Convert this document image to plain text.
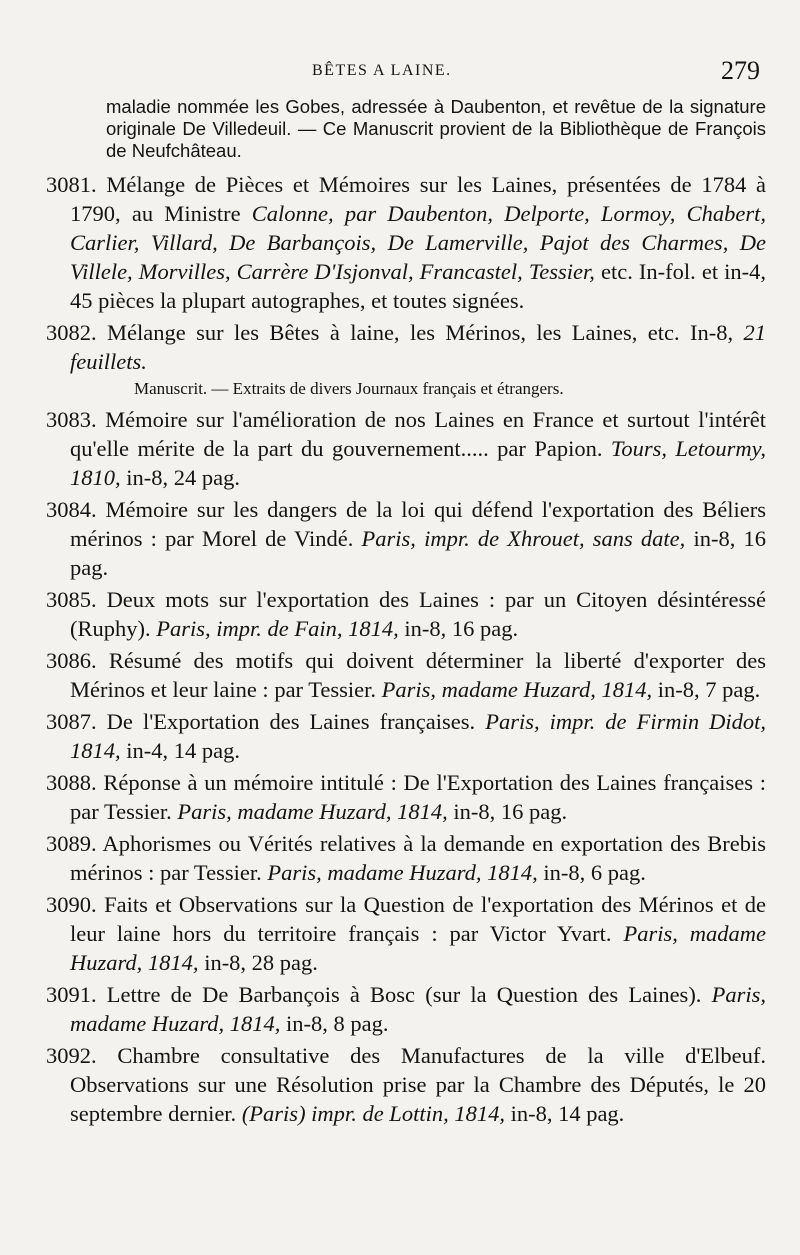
BÊTES A LAINE.	279
maladie nommée les Gobes, adressée à Daubenton, et revêtue de la signature originale De Villedeuil. — Ce Manuscrit provient de la Bibliothèque de François de Neufchâteau.
3081. Mélange de Pièces et Mémoires sur les Laines, présentées de 1784 à 1790, au Ministre Calonne, par Daubenton, Delporte, Lormoy, Chabert, Carlier, Villard, De Barbançois, De Lamerville, Pajot des Charmes, De Villele, Morvilles, Carrère D'Isjonval, Francastel, Tessier, etc. In-fol. et in-4, 45 pièces la plupart autographes, et toutes signées.
3082. Mélange sur les Bêtes à laine, les Mérinos, les Laines, etc. In-8, 21 feuillets.
Manuscrit. — Extraits de divers Journaux français et étrangers.
3083. Mémoire sur l'amélioration de nos Laines en France et surtout l'intérêt qu'elle mérite de la part du gouvernement..... par Papion. Tours, Letourmy, 1810, in-8, 24 pag.
3084. Mémoire sur les dangers de la loi qui défend l'exportation des Béliers mérinos : par Morel de Vindé. Paris, impr. de Xhrouet, sans date, in-8, 16 pag.
3085. Deux mots sur l'exportation des Laines : par un Citoyen désintéressé (Ruphy). Paris, impr. de Fain, 1814, in-8, 16 pag.
3086. Résumé des motifs qui doivent déterminer la liberté d'exporter des Mérinos et leur laine : par Tessier. Paris, madame Huzard, 1814, in-8, 7 pag.
3087. De l'Exportation des Laines françaises. Paris, impr. de Firmin Didot, 1814, in-4, 14 pag.
3088. Réponse à un mémoire intitulé : De l'Exportation des Laines françaises : par Tessier. Paris, madame Huzard, 1814, in-8, 16 pag.
3089. Aphorismes ou Vérités relatives à la demande en exportation des Brebis mérinos : par Tessier. Paris, madame Huzard, 1814, in-8, 6 pag.
3090. Faits et Observations sur la Question de l'exportation des Mérinos et de leur laine hors du territoire français : par Victor Yvart. Paris, madame Huzard, 1814, in-8, 28 pag.
3091. Lettre de De Barbançois à Bosc (sur la Question des Laines). Paris, madame Huzard, 1814, in-8, 8 pag.
3092. Chambre consultative des Manufactures de la ville d'Elbeuf. Observations sur une Résolution prise par la Chambre des Députés, le 20 septembre dernier. (Paris) impr. de Lottin, 1814, in-8, 14 pag.
